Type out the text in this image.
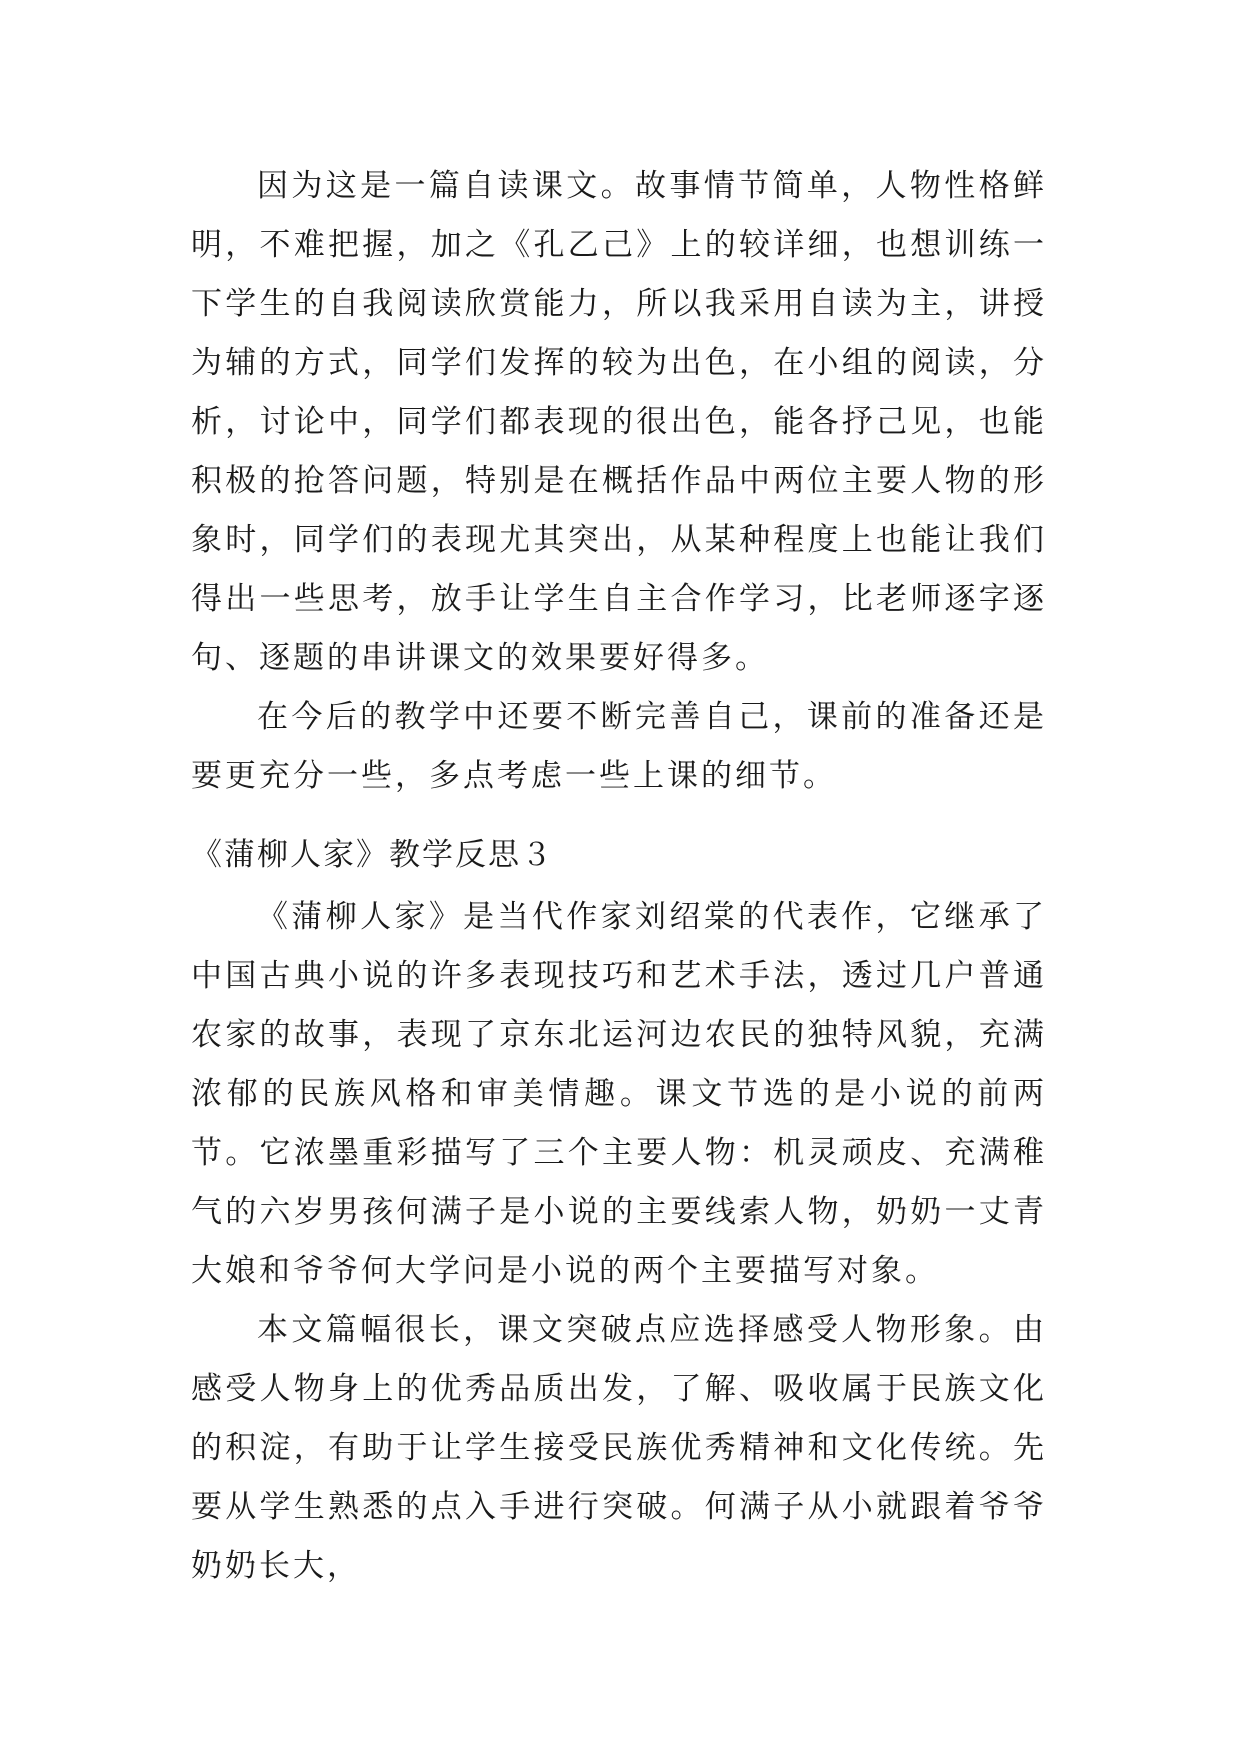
因为这是一篇自读课文。故事情节简单，人物性格鲜明，不难把握，加之《孔乙己》上的较详细，也想训练一下学生的自我阅读欣赏能力，所以我采用自读为主，讲授为辅的方式，同学们发挥的较为出色，在小组的阅读，分析，讨论中，同学们都表现的很出色，能各抒己见，也能积极的抢答问题，特别是在概括作品中两位主要人物的形象时，同学们的表现尤其突出，从某种程度上也能让我们得出一些思考，放手让学生自主合作学习，比老师逐字逐句、逐题的串讲课文的效果要好得多。

在今后的教学中还要不断完善自己，课前的准备还是要更充分一些，多点考虑一些上课的细节。

《蒲柳人家》教学反思３

《蒲柳人家》是当代作家刘绍棠的代表作，它继承了中国古典小说的许多表现技巧和艺术手法，透过几户普通农家的故事，表现了京东北运河边农民的独特风貌，充满浓郁的民族风格和审美情趣。课文节选的是小说的前两节。它浓墨重彩描写了三个主要人物：机灵顽皮、充满稚气的六岁男孩何满子是小说的主要线索人物，奶奶一丈青大娘和爷爷何大学问是小说的两个主要描写对象。

本文篇幅很长，课文突破点应选择感受人物形象。由感受人物身上的优秀品质出发，了解、吸收属于民族文化的积淀，有助于让学生接受民族优秀精神和文化传统。先要从学生熟悉的点入手进行突破。何满子从小就跟着爷爷奶奶长大，
